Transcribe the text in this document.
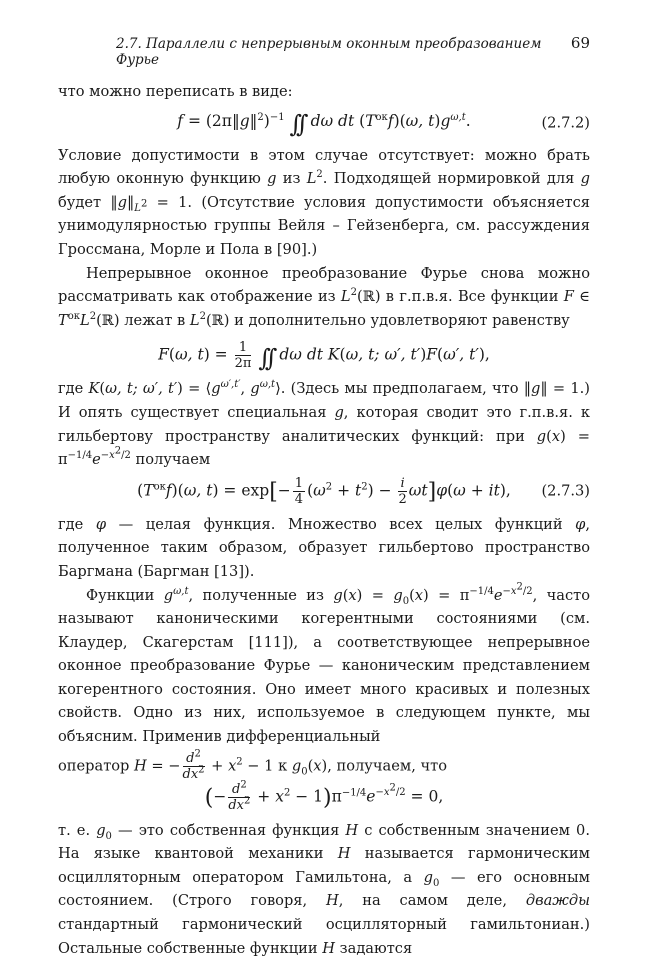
2.7. Параллели с непрерывным оконным преобразованием Фурье
69

что можно переписать в виде:

f = (2π‖g‖$^2$)$^{-1}$ ∫∫ dω dt $(T^{ок}f)(\omega$, $t)g^{\omega,t}$.	(2.7.2)

Условие допустимости в этом случае отсутствует: можно брать любую оконную функцию g из $L^2$. Подходящей нормировкой для g будет $‖g‖_{L^2} = 1$. (Отсутствие условия допустимости объясняется унимодулярностью группы Вейля – Гейзенберга, см. рассуждения Гроссмана, Морле и Пола в [90].)

Непрерывное оконное преобразование Фурье снова можно рассматривать как отображение из $L^2(ℝ)$ в г.п.в.я. Все функции F ∈ $T^{ок}L^2(ℝ)$ лежат в $L^2(ℝ)$ и дополнительно удовлетворяют равенству

F(ω, $t) = \frac{1}{2\pi}$ ∫∫ dω dt K(ω, t; ω′, t′)F(ω′, t′),

где K(ω, t; ω′, $t') = ⟨g^{\omega',t'}$, $g^{\omega,t}⟩$. (Здесь мы предполагаем, что ‖g‖ = 1.) И опять существует специальная g, которая сводит это г.п.в.я. к гильбертову пространству аналитических функций: при $g(x) = \pi^{-1/4}e^{-x^2/2}$ получаем

$(T^{ок}f)(\omega$, $t) = \exp[- \frac{1}{4} (\omega^2 + t^2) - \frac{i}{2} \omega t]\varphi(\omega + it)$, (2.7.3)

где φ — целая функция. Множество всех целых функций φ, полученное таким образом, образует гильбертово пространство Баргмана (Баргман [13]).

Функции $g^{\omega,t}$, полученные из $g(x) = g_0(x) = \pi^{-1/4}e^{-x^2/2}$, часто называют каноническими когерентными состояниями (см. Клаудер, Скагерстам [111]), а соответствующее непрерывное оконное преобразование Фурье — каноническим представлением когерентного состояния. Оно имеет много красивых и полезных свойств. Одно из них, используемое в следующем пункте, мы объясним. Применив дифференциальный

оператор H = − $\frac{d^2}{dx^2} + x^2 - 1$ к $g_0(x)$, получаем, что

(− $\frac{d^2}{dx^2} + x^2 - 1)\pi^{-1/4}e^{-x^2/2} = 0$,

т. е. $g_0$ — это собственная функция H с собственным значением 0. На языке квантовой механики H называется гармоническим осцилляторным оператором Гамильтона, а $g_0$ — его основным состоянием. (Строго говоря, H, на самом деле, дважды стандартный гармонический осцилляторный гамильтониан.) Остальные собственные функции H задаются
